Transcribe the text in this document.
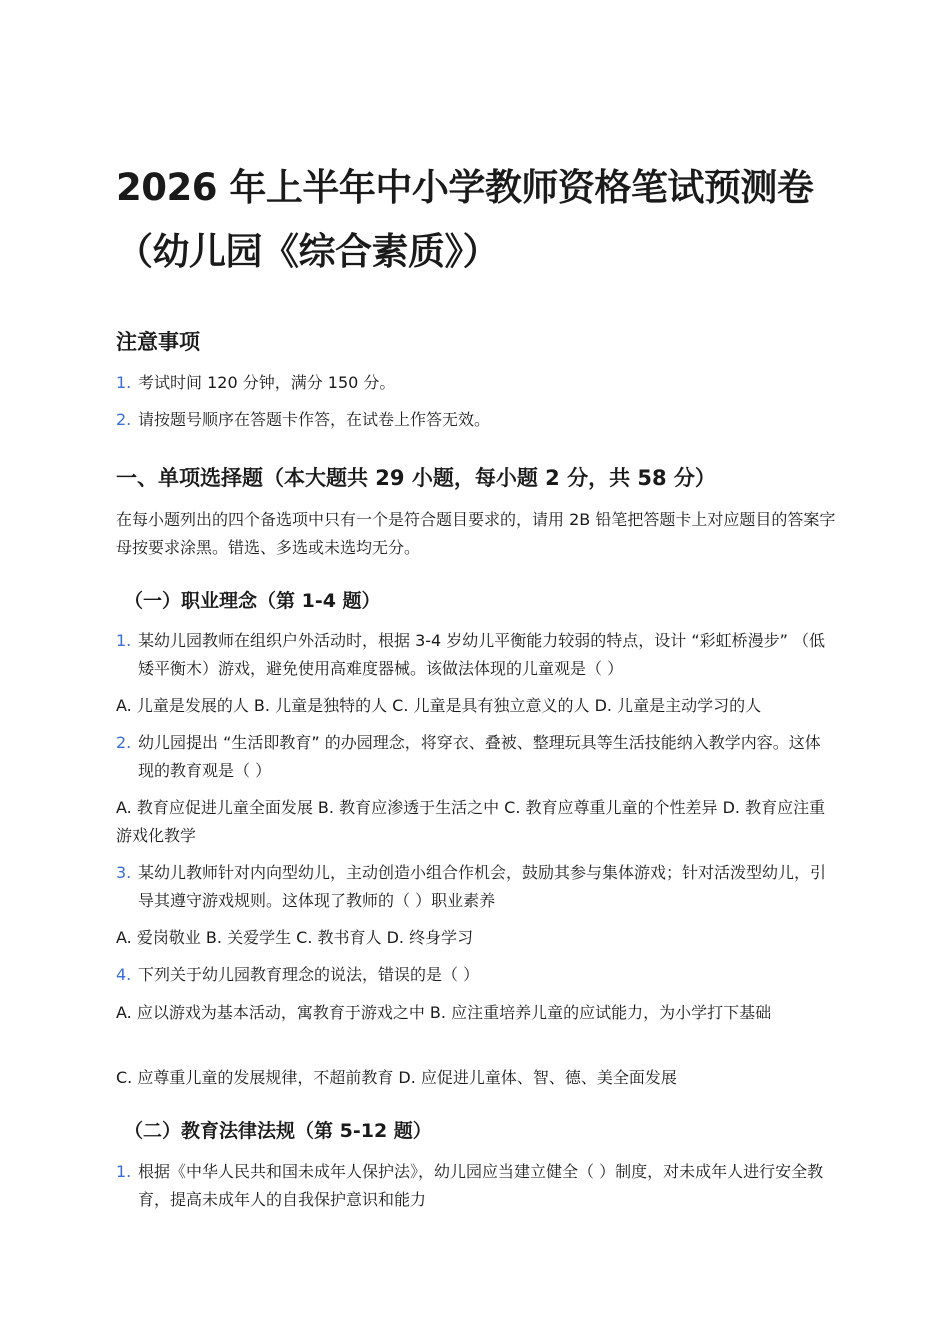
2026 年上半年中小学教师资格笔试预测卷（幼儿园《综合素质》）
注意事项
1. 考试时间 120 分钟，满分 150 分。
2. 请按题号顺序在答题卡作答，在试卷上作答无效。
一、单项选择题（本大题共 29 小题，每小题 2 分，共 58 分）

在每小题列出的四个备选项中只有一个是符合题目要求的，请用 2B 铅笔把答题卡上对应题目的答案字母按要求涂黑。错选、多选或未选均无分。

（一）职业理念（第 1-4 题）
1. 某幼儿园教师在组织户外活动时，根据 3-4 岁幼儿平衡能力较弱的特点，设计 “彩虹桥漫步” （低矮平衡木）游戏，避免使用高难度器械。该做法体现的儿童观是（ ）
A. 儿童是发展的人 B. 儿童是独特的人 C. 儿童是具有独立意义的人 D. 儿童是主动学习的人
2. 幼儿园提出 “生活即教育” 的办园理念，将穿衣、叠被、整理玩具等生活技能纳入教学内容。这体现的教育观是（ ）
A. 教育应促进儿童全面发展 B. 教育应渗透于生活之中 C. 教育应尊重儿童的个性差异 D. 教育应注重游戏化教学
3. 某幼儿教师针对内向型幼儿，主动创造小组合作机会，鼓励其参与集体游戏；针对活泼型幼儿，引导其遵守游戏规则。这体现了教师的（ ）职业素养
A. 爱岗敬业 B. 关爱学生 C. 教书育人 D. 终身学习
4. 下列关于幼儿园教育理念的说法，错误的是（ ）
A. 应以游戏为基本活动，寓教育于游戏之中 B. 应注重培养儿童的应试能力，为小学打下基础
C. 应尊重儿童的发展规律，不超前教育 D. 应促进儿童体、智、德、美全面发展
（二）教育法律法规（第 5-12 题）
1. 根据《中华人民共和国未成年人保护法》，幼儿园应当建立健全（ ）制度，对未成年人进行安全教育，提高未成年人的自我保护意识和能力
